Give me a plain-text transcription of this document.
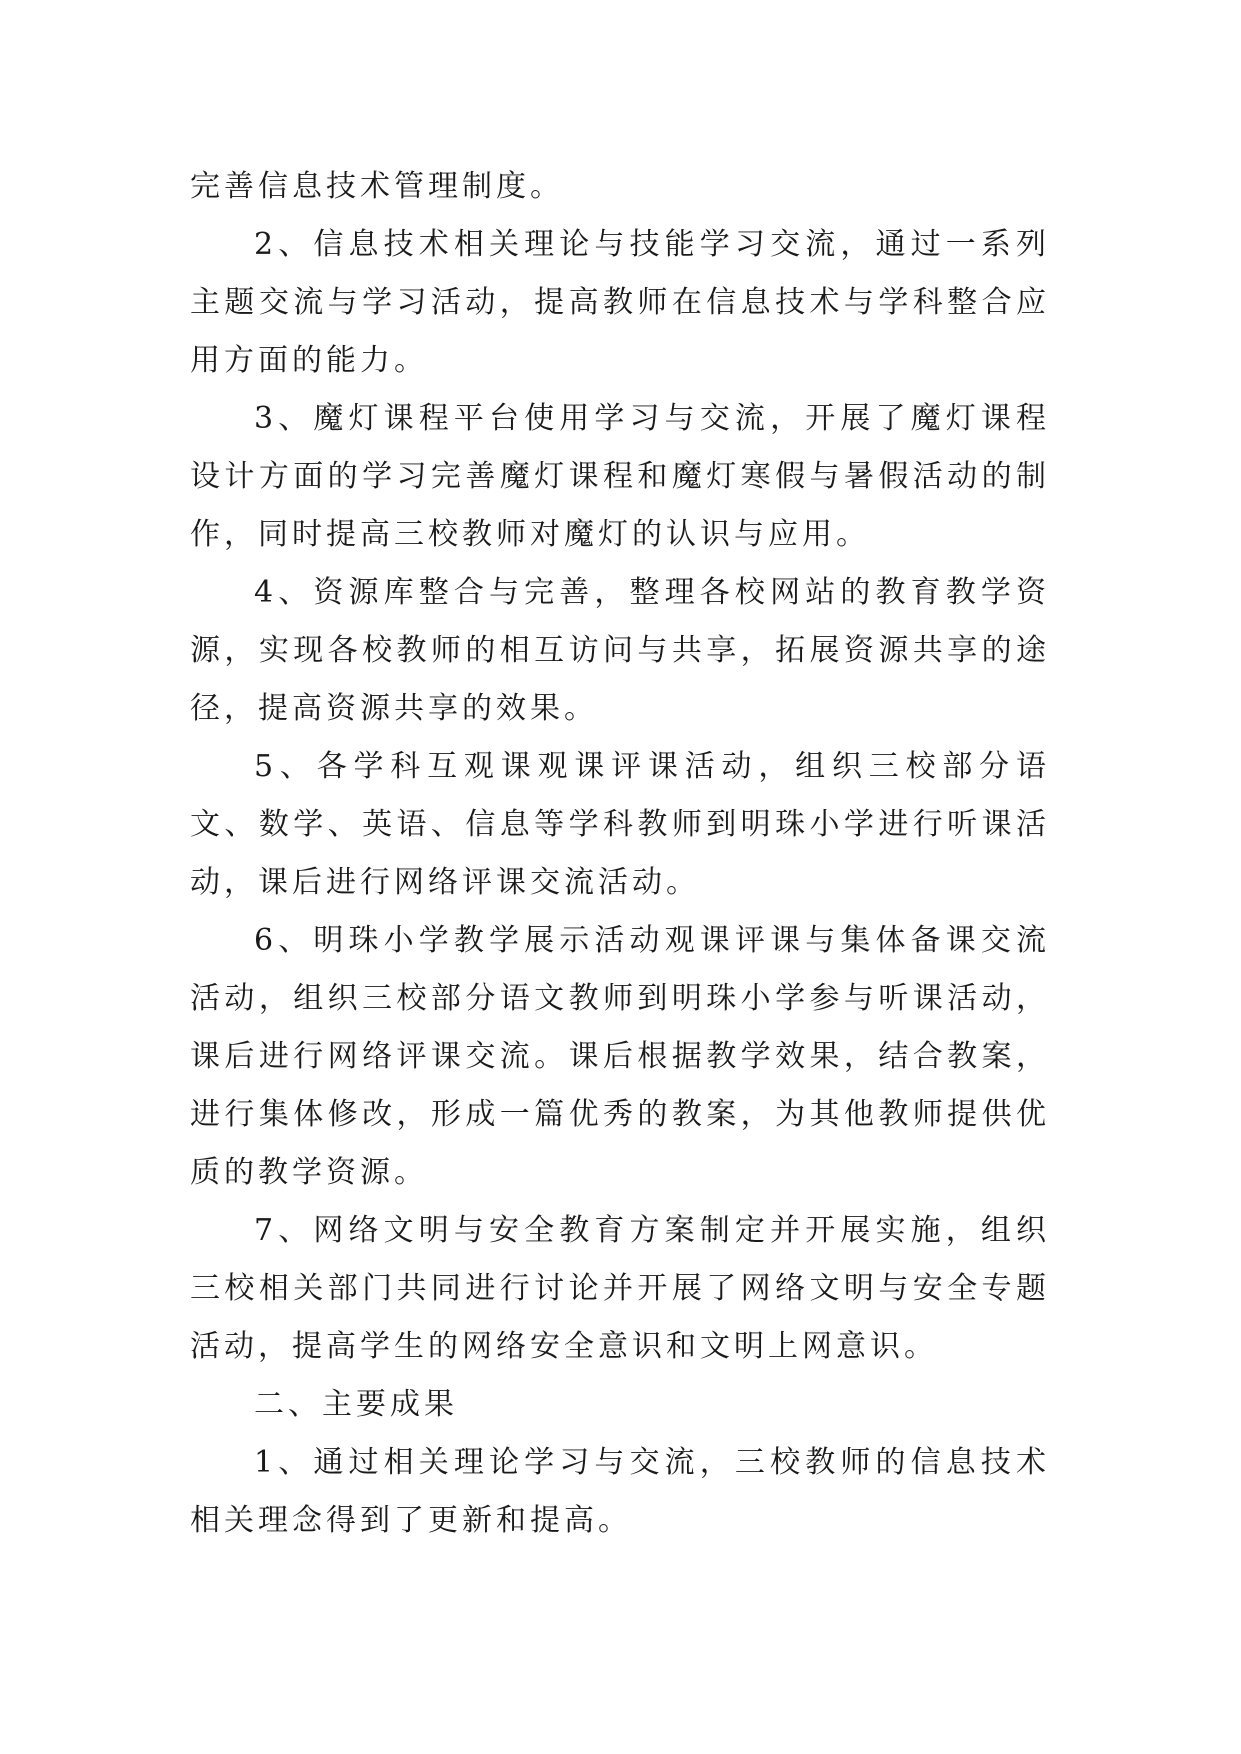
完善信息技术管理制度。

2、信息技术相关理论与技能学习交流，通过一系列主题交流与学习活动，提高教师在信息技术与学科整合应用方面的能力。

3、魔灯课程平台使用学习与交流，开展了魔灯课程设计方面的学习完善魔灯课程和魔灯寒假与暑假活动的制作，同时提高三校教师对魔灯的认识与应用。

4、资源库整合与完善，整理各校网站的教育教学资源，实现各校教师的相互访问与共享，拓展资源共享的途径，提高资源共享的效果。

5、各学科互观课观课评课活动，组织三校部分语文、数学、英语、信息等学科教师到明珠小学进行听课活动，课后进行网络评课交流活动。

6、明珠小学教学展示活动观课评课与集体备课交流活动，组织三校部分语文教师到明珠小学参与听课活动，课后进行网络评课交流。课后根据教学效果，结合教案，进行集体修改，形成一篇优秀的教案，为其他教师提供优质的教学资源。

7、网络文明与安全教育方案制定并开展实施，组织三校相关部门共同进行讨论并开展了网络文明与安全专题活动，提高学生的网络安全意识和文明上网意识。

二、主要成果

1、通过相关理论学习与交流，三校教师的信息技术相关理念得到了更新和提高。
